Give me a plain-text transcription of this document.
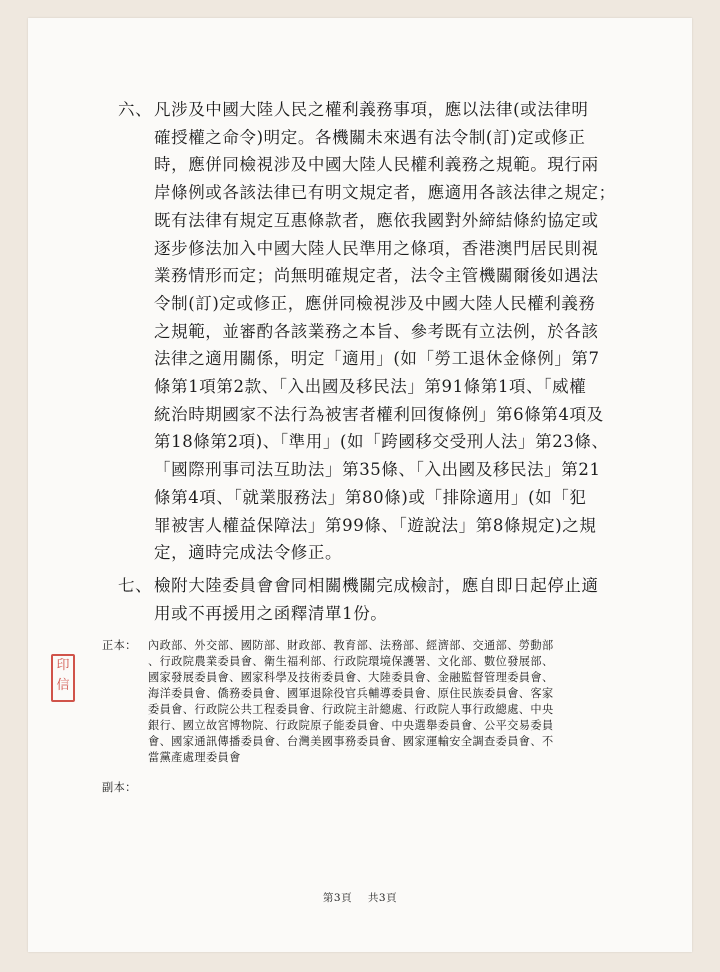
六、 凡涉及中國大陸人民之權利義務事項，應以法律(或法律明
確授權之命令)明定。各機關未來遇有法令制(訂)定或修正
時，應併同檢視涉及中國大陸人民權利義務之規範。現行兩
岸條例或各該法律已有明文規定者，應適用各該法律之規定；
既有法律有規定互惠條款者，應依我國對外締結條約協定或
逐步修法加入中國大陸人民準用之條項，香港澳門居民則視
業務情形而定；尚無明確規定者，法令主管機關爾後如遇法
令制(訂)定或修正，應併同檢視涉及中國大陸人民權利義務
之規範，並審酌各該業務之本旨、參考既有立法例，於各該
法律之適用關係，明定「適用」(如「勞工退休金條例」第7
條第1項第2款、「入出國及移民法」第91條第1項、「威權
統治時期國家不法行為被害者權利回復條例」第6條第4項及
第18條第2項)、「準用」(如「跨國移交受刑人法」第23條、
「國際刑事司法互助法」第35條、「入出國及移民法」第21
條第4項、「就業服務法」第80條)或「排除適用」(如「犯
罪被害人權益保障法」第99條、「遊說法」第8條規定)之規
定，適時完成法令修正。
七、 檢附大陸委員會會同相關機關完成檢討，應自即日起停止適
用或不再援用之函釋清單1份。
印
信
正本： 內政部、外交部、國防部、財政部、教育部、法務部、經濟部、交通部、勞動部
、行政院農業委員會、衛生福利部、行政院環境保護署、文化部、數位發展部、
國家發展委員會、國家科學及技術委員會、大陸委員會、金融監督管理委員會、
海洋委員會、僑務委員會、國軍退除役官兵輔導委員會、原住民族委員會、客家
委員會、行政院公共工程委員會、行政院主計總處、行政院人事行政總處、中央
銀行、國立故宮博物院、行政院原子能委員會、中央選舉委員會、公平交易委員
會、國家通訊傳播委員會、台灣美國事務委員會、國家運輸安全調查委員會、不
當黨產處理委員會
副本：
第3頁 共3頁
